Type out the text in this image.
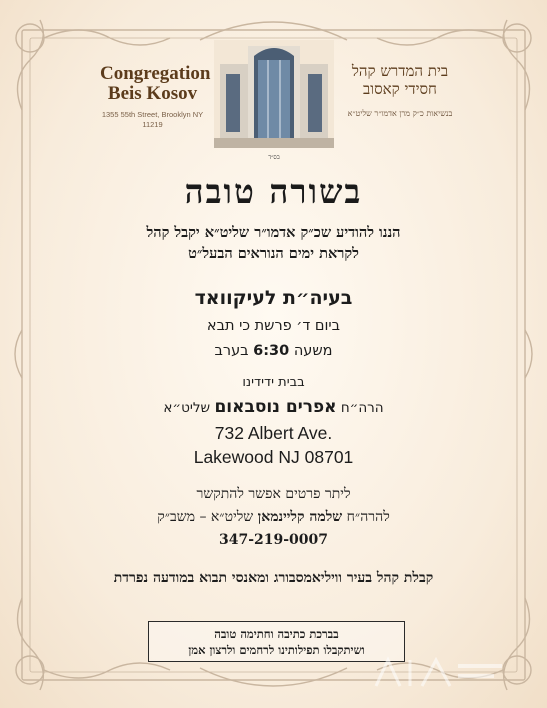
Congregation Beis Kosov
1355 55th Street, Brooklyn NY 11219
בית המדרש קהל חסידי קאסוב
בנשיאות כ״ק מרן אדמו״ר שליט״א
בס״ד
בשורה טובה
הננו להודיע שכ״ק אדמו״ר שליט״א יקבל קהל
לקראת ימים הנוראים הבעל״ט
בעיה״ת לעיקוואד
ביום ד׳ פרשת כי תבא
משעה 6:30 בערב
בבית ידידינו
הרה״ח אפרים נוסבאום שליט״א
732 Albert Ave.
Lakewood NJ 08701
ליתר פרטים אפשר להתקשר
להרה״ח שלמה קליינמאן שליט״א – משב״ק
347-219-0007
קבלת קהל בעיר וויליאמסבורג ומאנסי תבוא במודעה נפרדת
בברכת כתיבה וחתימה טובה
ושיתקבלו תפילותינו לרחמים ולרצון אמן
